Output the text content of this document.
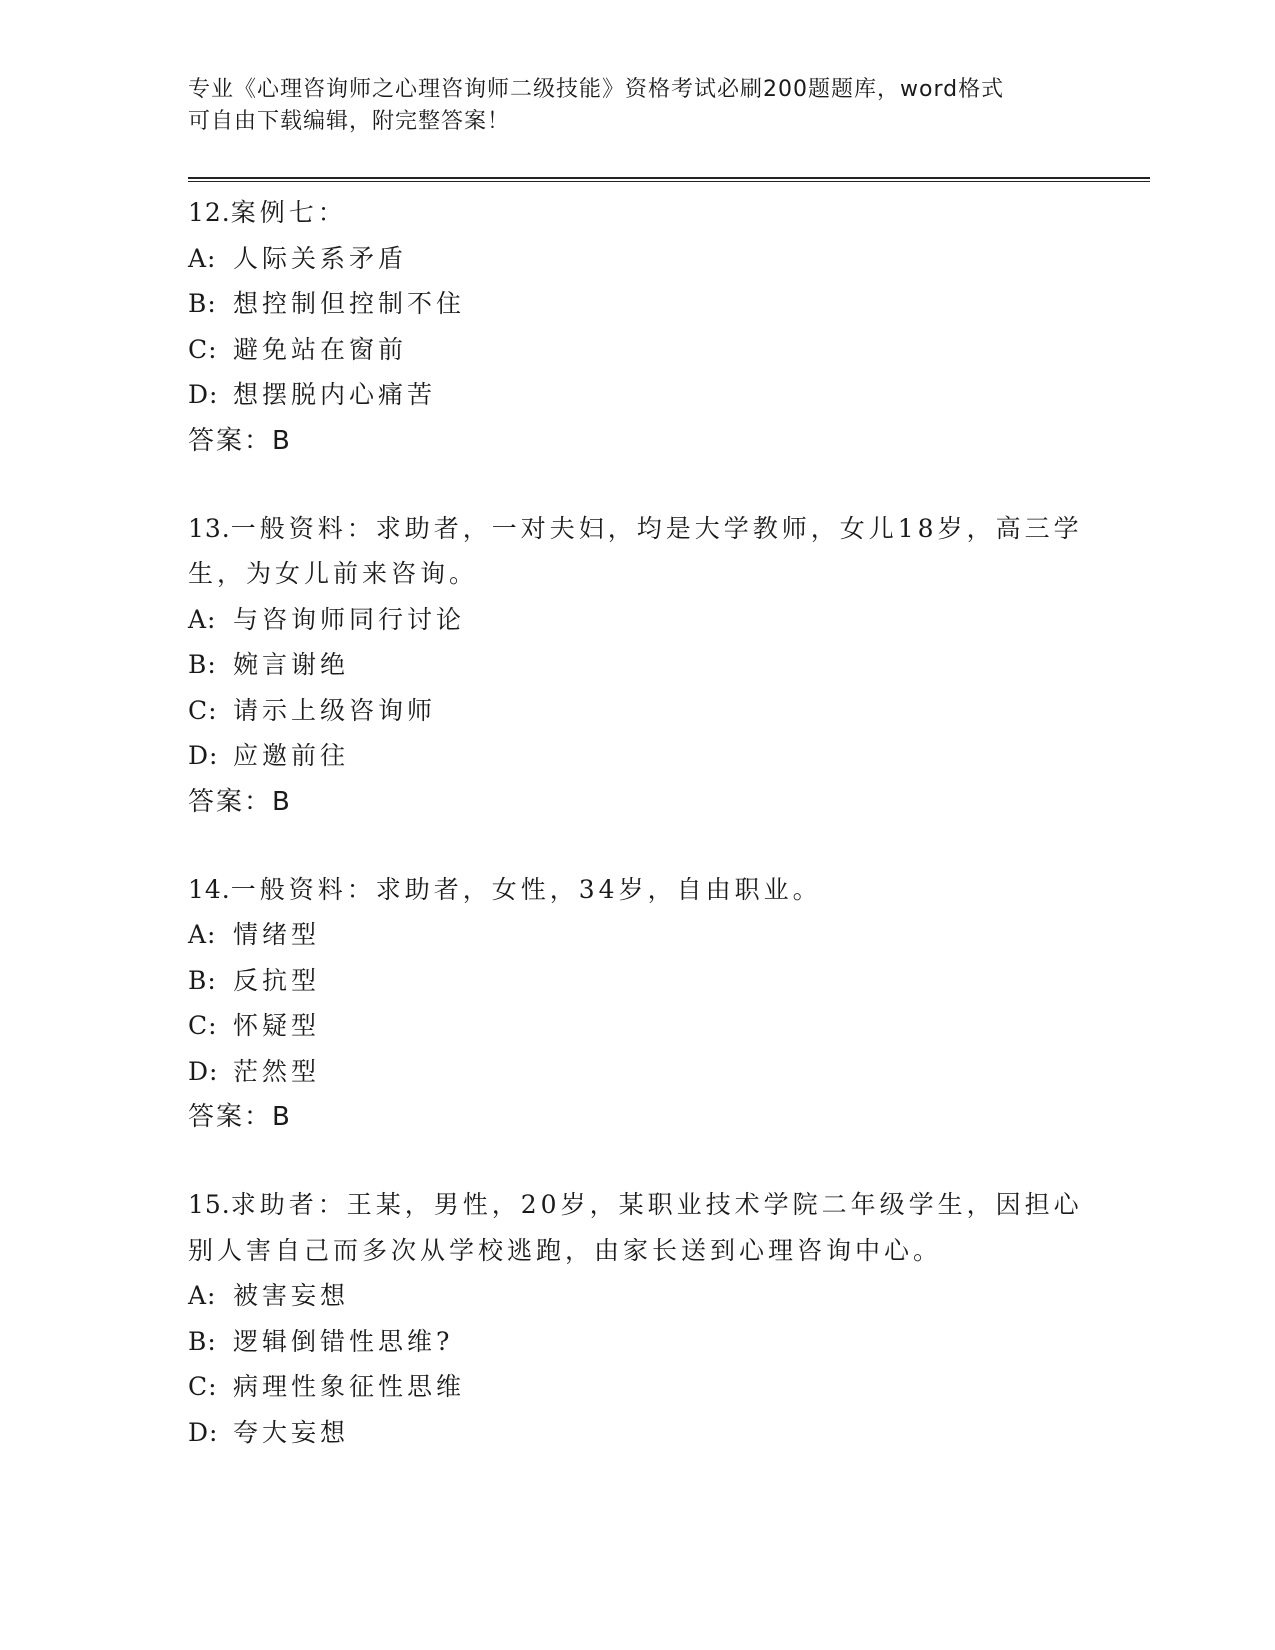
专业《心理咨询师之心理咨询师二级技能》资格考试必刷200题题库，word格式
可自由下载编辑，附完整答案！
12.案例七：
A: 人际关系矛盾
B: 想控制但控制不住
C: 避免站在窗前
D: 想摆脱内心痛苦
答案：B
13.一般资料：求助者，一对夫妇，均是大学教师，女儿18岁，高三学生，为女儿前来咨询。
A: 与咨询师同行讨论
B: 婉言谢绝
C: 请示上级咨询师
D: 应邀前往
答案：B
14.一般资料：求助者，女性，34岁，自由职业。
A: 情绪型
B: 反抗型
C: 怀疑型
D: 茫然型
答案：B
15.求助者：王某，男性，20岁，某职业技术学院二年级学生，因担心别人害自己而多次从学校逃跑，由家长送到心理咨询中心。
A: 被害妄想
B: 逻辑倒错性思维?
C: 病理性象征性思维
D: 夸大妄想
